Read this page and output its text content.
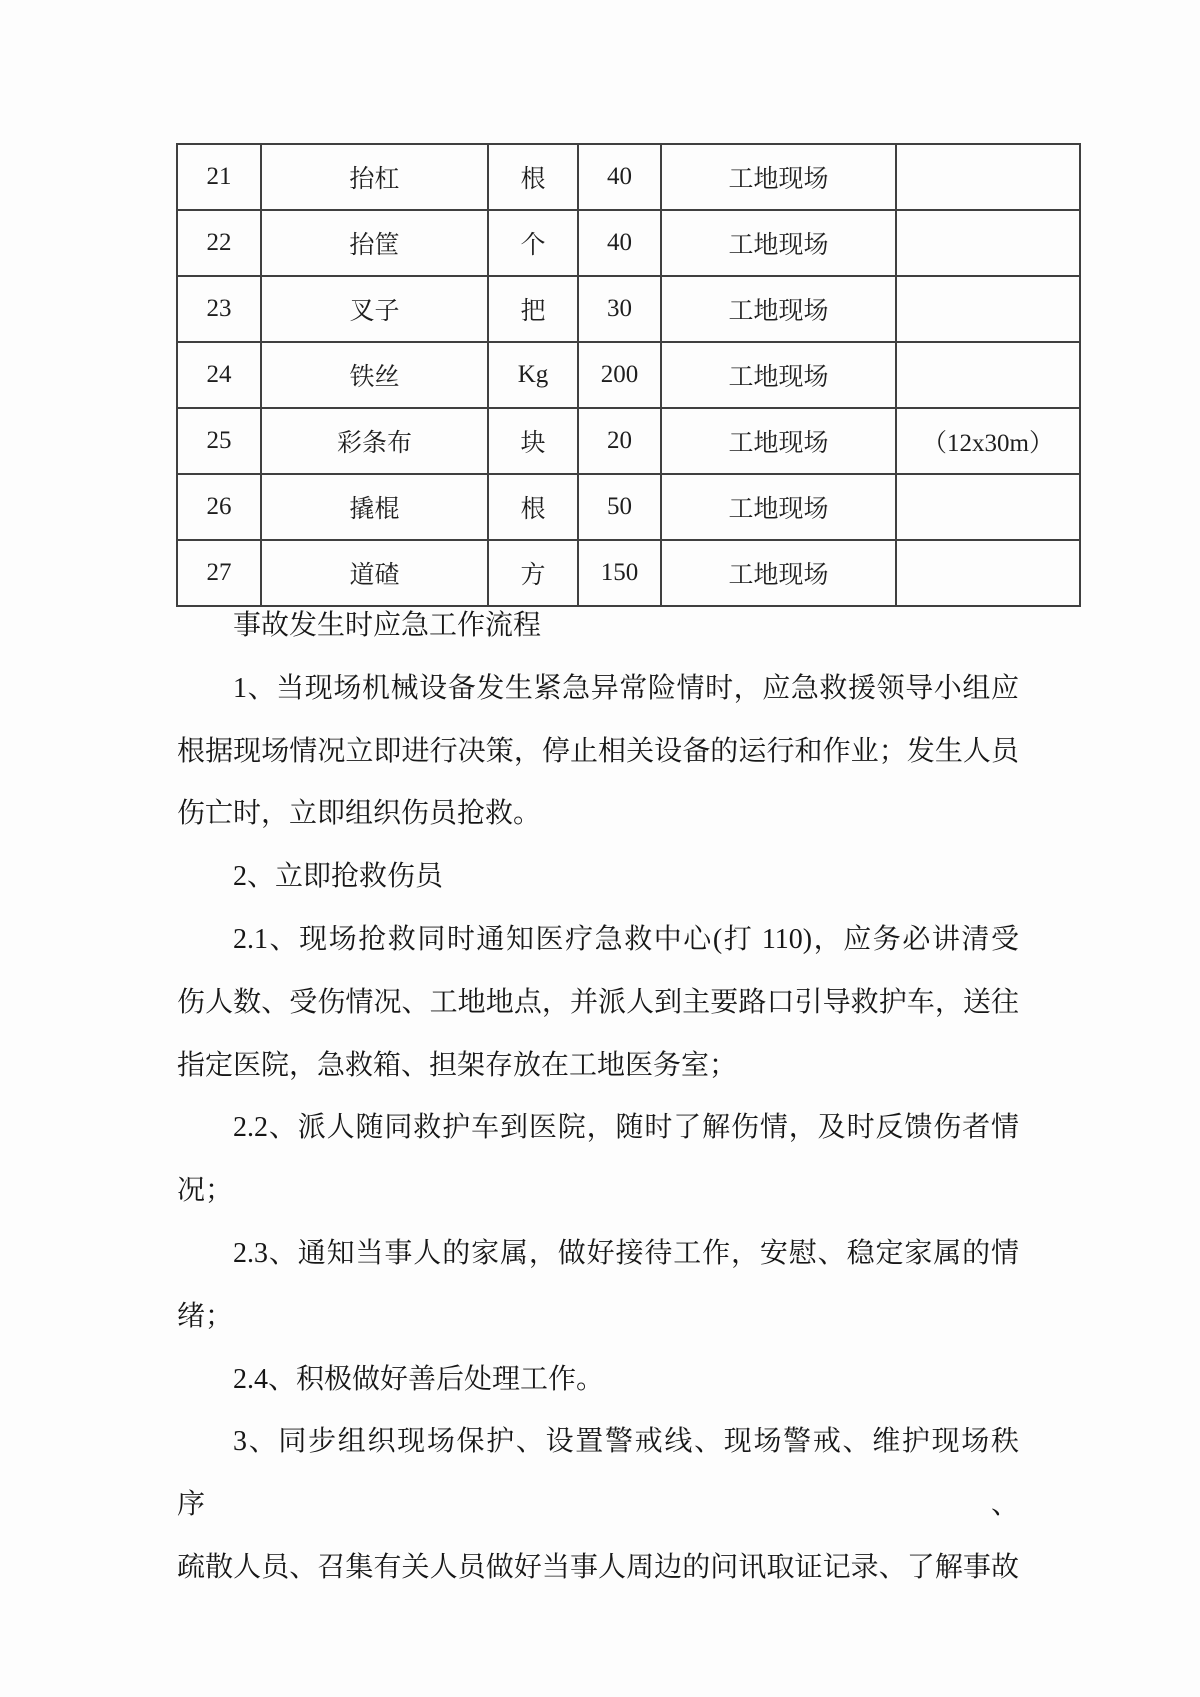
21	抬杠	根	40	工地现场	
22	抬筐	个	40	工地现场	
23	叉子	把	30	工地现场	
24	铁丝	Kg	200	工地现场	
25	彩条布	块	20	工地现场	（12x30m）
26	撬棍	根	50	工地现场	
27	道碴	方	150	工地现场	
事故发生时应急工作流程
1、当现场机械设备发生紧急异常险情时，应急救援领导小组应
根据现场情况立即进行决策，停止相关设备的运行和作业；发生人员
伤亡时，立即组织伤员抢救。
2、立即抢救伤员
2.1、现场抢救同时通知医疗急救中心(打 110)，应务必讲清受
伤人数、受伤情况、工地地点，并派人到主要路口引导救护车，送往
指定医院，急救箱、担架存放在工地医务室；
2.2、派人随同救护车到医院，随时了解伤情，及时反馈伤者情
况；
2.3、通知当事人的家属，做好接待工作，安慰、稳定家属的情
绪；
2.4、积极做好善后处理工作。
3、同步组织现场保护、设置警戒线、现场警戒、维护现场秩序、
疏散人员、召集有关人员做好当事人周边的问讯取证记录、了解事故
